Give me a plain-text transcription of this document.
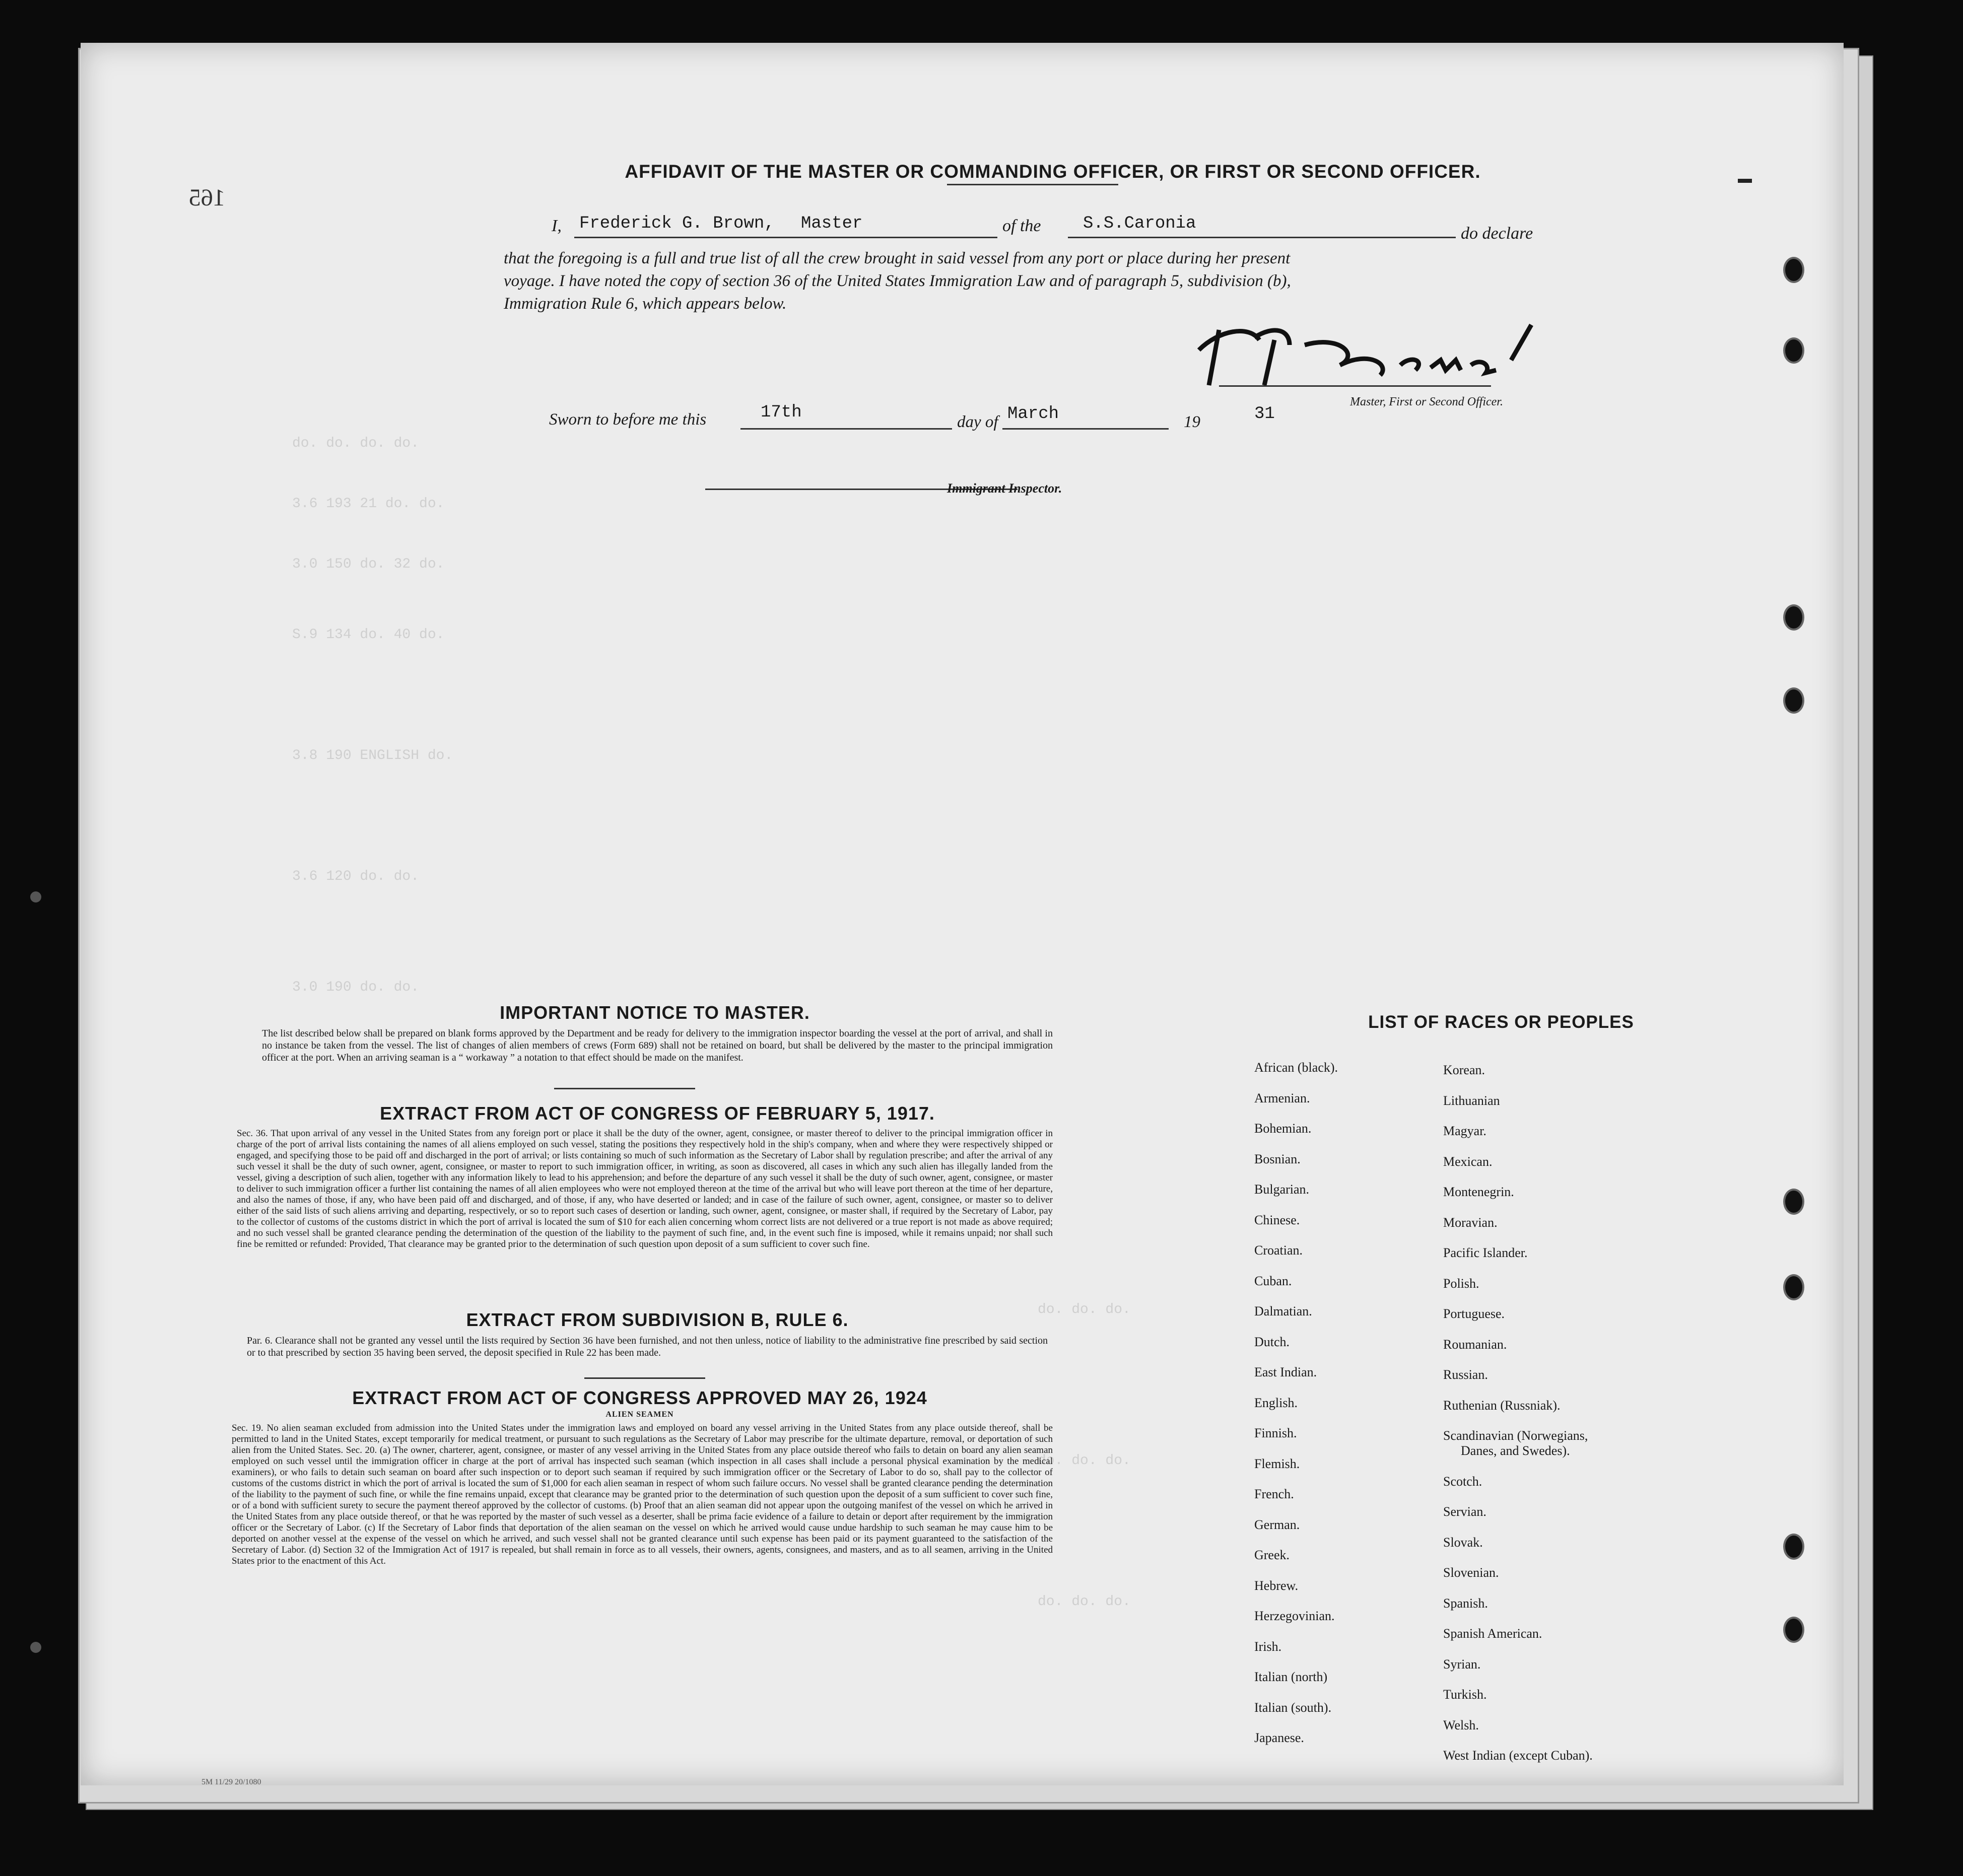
do. do. do. do.
3.6 193 21 do. do.
3.0 150 do. 32 do.
S.9 134 do. 40 do.
3.8 190 ENGLISH do.
3.6 120 do. do.
3.0 190 do. do.
do. do. do.
do. do. do.
do. do. do.
165
AFFIDAVIT OF THE MASTER OR COMMANDING OFFICER, OR FIRST OR SECOND OFFICER.
I, Frederick G. Brown, Master	of the S.S.Caronia
do declare
that the foregoing is a full and true list of all the crew brought in said vessel from any port or place during her present
voyage. I have noted the copy of section 36 of the United States Immigration Law and of paragraph 5, subdivision (b),
Immigration Rule 6, which appears below.
Master, First or Second Officer.
Sworn to before me this	17th	day of March	19	31
Immigrant Inspector.
IMPORTANT NOTICE TO MASTER.
The list described below shall be prepared on blank forms approved by the Department and be ready for delivery to the immigration inspector boarding the vessel at the port of arrival, and shall in no instance be taken from the vessel. The list of changes of alien members of crews (Form 689) shall not be retained on board, but shall be delivered by the master to the principal immigration officer at the port. When an arriving seaman is a “ workaway ” a notation to that effect should be made on the manifest.
EXTRACT FROM ACT OF CONGRESS OF FEBRUARY 5, 1917.
Sec. 36. That upon arrival of any vessel in the United States from any foreign port or place it shall be the duty of the owner, agent, consignee, or master thereof to deliver to the principal immigration officer in charge of the port of arrival lists containing the names of all aliens employed on such vessel, stating the positions they respectively hold in the ship's company, when and where they were respectively shipped or engaged, and specifying those to be paid off and discharged in the port of arrival; or lists containing so much of such information as the Secretary of Labor shall by regulation prescribe; and after the arrival of any such vessel it shall be the duty of such owner, agent, consignee, or master to report to such immigration officer, in writing, as soon as discovered, all cases in which any such alien has illegally landed from the vessel, giving a description of such alien, together with any information likely to lead to his apprehension; and before the departure of any such vessel it shall be the duty of such owner, agent, consignee, or master to deliver to such immigration officer a further list containing the names of all alien employees who were not employed thereon at the time of the arrival but who will leave port thereon at the time of her departure, and also the names of those, if any, who have been paid off and discharged, and of those, if any, who have deserted or landed; and in case of the failure of such owner, agent, consignee, or master so to deliver either of the said lists of such aliens arriving and departing, respectively, or so to report such cases of desertion or landing, such owner, agent, consignee, or master shall, if required by the Secretary of Labor, pay to the collector of customs of the customs district in which the port of arrival is located the sum of $10 for each alien concerning whom correct lists are not delivered or a true report is not made as above required; and no such vessel shall be granted clearance pending the determination of the question of the liability to the payment of such fine, and, in the event such fine is imposed, while it remains unpaid; nor shall such fine be remitted or refunded: Provided, That clearance may be granted prior to the determination of such question upon deposit of a sum sufficient to cover such fine.
EXTRACT FROM SUBDIVISION B, RULE 6.
Par. 6. Clearance shall not be granted any vessel until the lists required by Section 36 have been furnished, and not then unless, notice of liability to the administrative fine prescribed by said section or to that prescribed by section 35 having been served, the deposit specified in Rule 22 has been made.
EXTRACT FROM ACT OF CONGRESS APPROVED MAY 26, 1924
ALIEN SEAMEN
Sec. 19. No alien seaman excluded from admission into the United States under the immigration laws and employed on board any vessel arriving in the United States from any place outside thereof, shall be permitted to land in the United States, except temporarily for medical treatment, or pursuant to such regulations as the Secretary of Labor may prescribe for the ultimate departure, removal, or deportation of such alien from the United States. Sec. 20. (a) The owner, charterer, agent, consignee, or master of any vessel arriving in the United States from any place outside thereof who fails to detain on board any alien seaman employed on such vessel until the immigration officer in charge at the port of arrival has inspected such seaman (which inspection in all cases shall include a personal physical examination by the medical examiners), or who fails to detain such seaman on board after such inspection or to deport such seaman if required by such immigration officer or the Secretary of Labor to do so, shall pay to the collector of customs of the customs district in which the port of arrival is located the sum of $1,000 for each alien seaman in respect of whom such failure occurs. No vessel shall be granted clearance pending the determination of the liability to the payment of such fine, or while the fine remains unpaid, except that clearance may be granted prior to the determination of such question upon the deposit of a sum sufficient to cover such fine, or of a bond with sufficient surety to secure the payment thereof approved by the collector of customs. (b) Proof that an alien seaman did not appear upon the outgoing manifest of the vessel on which he arrived in the United States from any place outside thereof, or that he was reported by the master of such vessel as a deserter, shall be prima facie evidence of a failure to detain or deport after requirement by the immigration officer or the Secretary of Labor. (c) If the Secretary of Labor finds that deportation of the alien seaman on the vessel on which he arrived would cause undue hardship to such seaman he may cause him to be deported on another vessel at the expense of the vessel on which he arrived, and such vessel shall not be granted clearance until such expense has been paid or its payment guaranteed to the satisfaction of the Secretary of Labor. (d) Section 32 of the Immigration Act of 1917 is repealed, but shall remain in force as to all vessels, their owners, agents, consignees, and masters, and as to all seamen, arriving in the United States prior to the enactment of this Act.
LIST OF RACES OR PEOPLES
African (black).
Armenian.
Bohemian.
Bosnian.
Bulgarian.
Chinese.
Croatian.
Cuban.
Dalmatian.
Dutch.
East Indian.
English.
Finnish.
Flemish.
French.
German.
Greek.
Hebrew.
Herzegovinian.
Irish.
Italian (north)
Italian (south).
Japanese.
Korean.
Lithuanian
Magyar.
Mexican.
Montenegrin.
Moravian.
Pacific Islander.
Polish.
Portuguese.
Roumanian.
Russian.
Ruthenian (Russniak).
Scandinavian (Norwegians,
Danes, and Swedes).
Scotch.
Servian.
Slovak.
Slovenian.
Spanish.
Spanish American.
Syrian.
Turkish.
Welsh.
West Indian (except Cuban).
5M 11/29 20/1080
